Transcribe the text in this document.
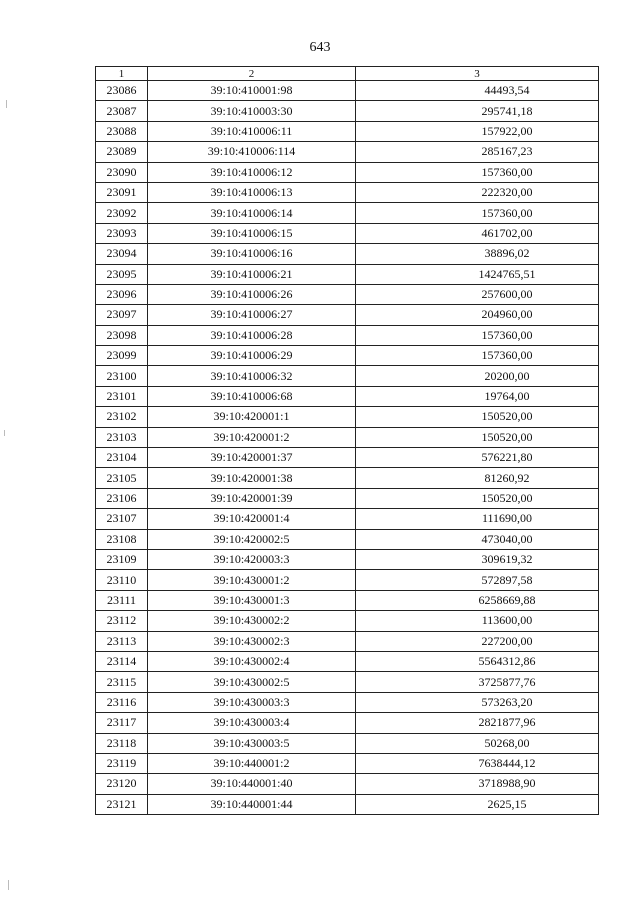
643
1	2	3
23086	39:10:410001:98	44493,54
23087	39:10:410003:30	295741,18
23088	39:10:410006:11	157922,00
23089	39:10:410006:114	285167,23
23090	39:10:410006:12	157360,00
23091	39:10:410006:13	222320,00
23092	39:10:410006:14	157360,00
23093	39:10:410006:15	461702,00
23094	39:10:410006:16	38896,02
23095	39:10:410006:21	1424765,51
23096	39:10:410006:26	257600,00
23097	39:10:410006:27	204960,00
23098	39:10:410006:28	157360,00
23099	39:10:410006:29	157360,00
23100	39:10:410006:32	20200,00
23101	39:10:410006:68	19764,00
23102	39:10:420001:1	150520,00
23103	39:10:420001:2	150520,00
23104	39:10:420001:37	576221,80
23105	39:10:420001:38	81260,92
23106	39:10:420001:39	150520,00
23107	39:10:420001:4	111690,00
23108	39:10:420002:5	473040,00
23109	39:10:420003:3	309619,32
23110	39:10:430001:2	572897,58
23111	39:10:430001:3	6258669,88
23112	39:10:430002:2	113600,00
23113	39:10:430002:3	227200,00
23114	39:10:430002:4	5564312,86
23115	39:10:430002:5	3725877,76
23116	39:10:430003:3	573263,20
23117	39:10:430003:4	2821877,96
23118	39:10:430003:5	50268,00
23119	39:10:440001:2	7638444,12
23120	39:10:440001:40	3718988,90
23121	39:10:440001:44	2625,15
